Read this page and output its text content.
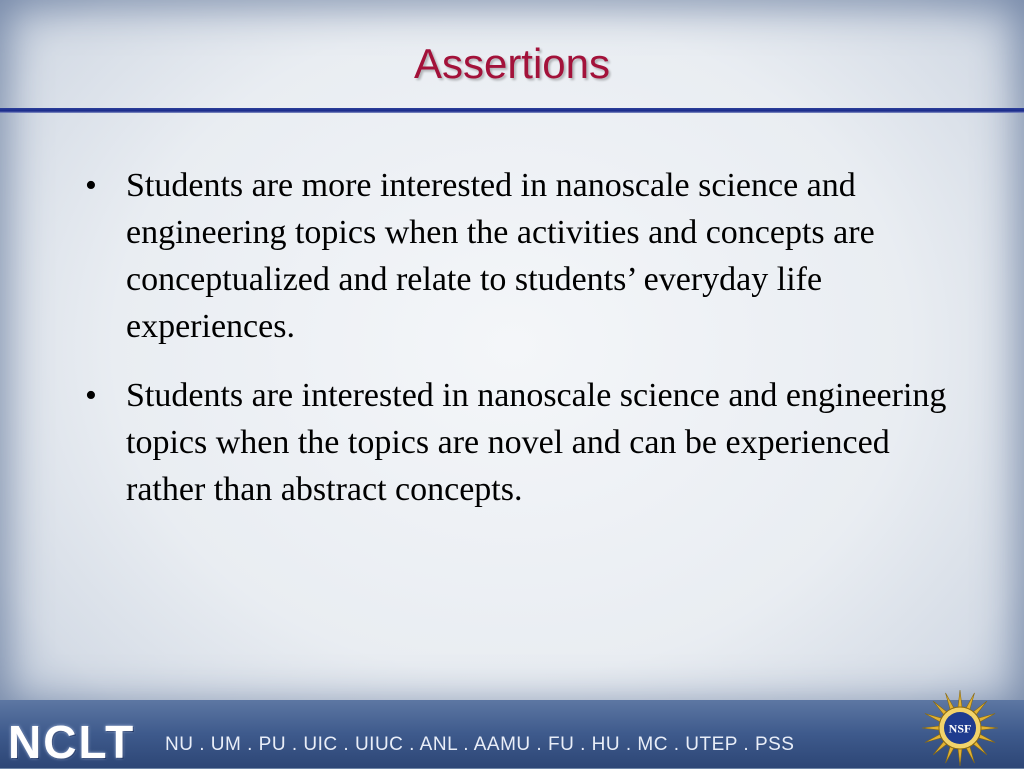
Assertions
• Students are more interested in nanoscale science and engineering topics when the activities and concepts are conceptualized and relate to students’ everyday life experiences.
• Students are interested in nanoscale science and engineering topics when the topics are novel and can be experienced rather than abstract concepts.
NCLT NU . UM . PU . UIC . UIUC . ANL . AAMU . FU . HU . MC . UTEP . PSS
NSF
